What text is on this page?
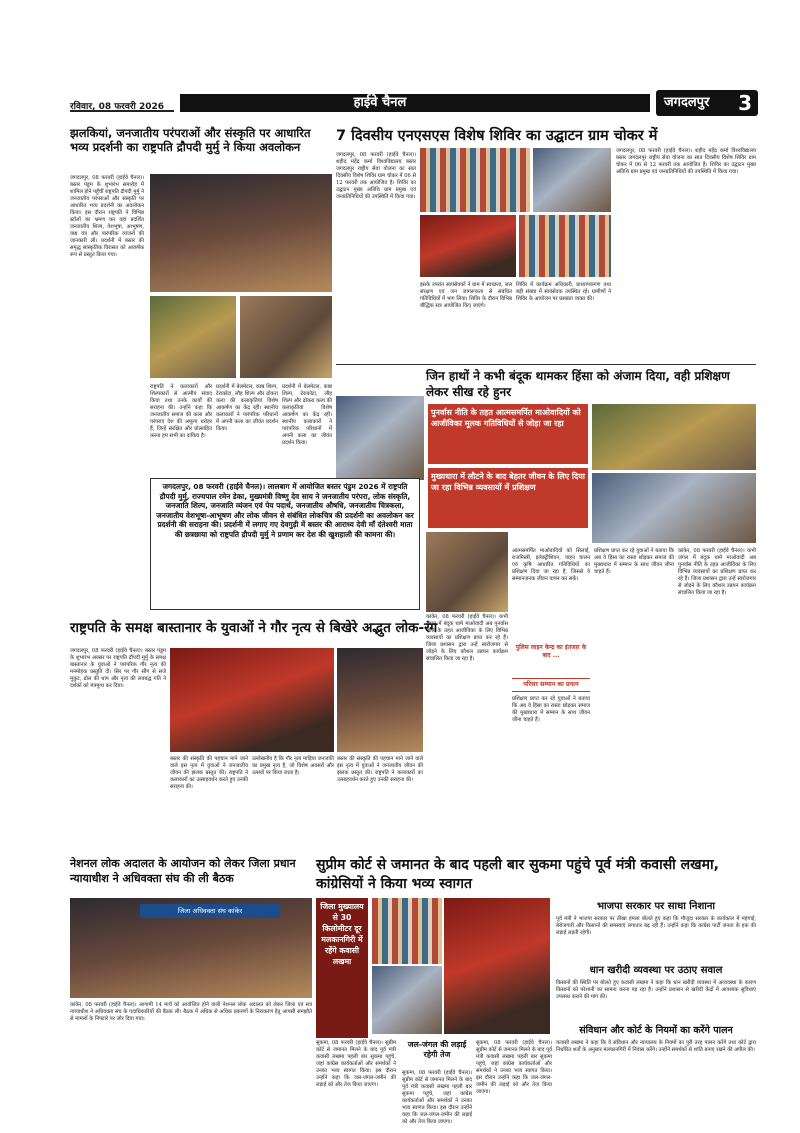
रविवार, 08 फरवरी 2026	हाईवे चैनल	जगदलपुर 3
झलकियां, जनजातीय परंपराओं और संस्कृति पर आधारित भव्य प्रदर्शनी का राष्ट्रपति द्रौपदी मुर्मु ने किया अवलोकन
जगदलपुर, 08 फरवरी (हाईवे चैनल)। बस्तर पंडुम के शुभारंभ समारोह में शामिल होने पहुँचीं राष्ट्रपति द्रौपदी मुर्मु ने जनजातीय परंपराओं और संस्कृति पर आधारित भव्य प्रदर्शनी का अवलोकन किया। इस दौरान राष्ट्रपति ने विभिन्न स्टॉलों का भ्रमण कर वहां प्रदर्शित जनजातीय शिल्प, वेशभूषा, आभूषण, वाद्य यंत्र और पारंपरिक व्यंजनों की जानकारी ली। प्रदर्शनी में बस्तर की समृद्ध सांस्कृतिक विरासत को आकर्षक रूप से प्रस्तुत किया गया।
राष्ट्रपति ने कलाकारों और शिल्पकारों से आत्मीय संवाद किया तथा उनके कार्यों की सराहना की। उन्होंने कहा कि जनजातीय समाज की कला और परंपराएं देश की अमूल्य धरोहर हैं, जिन्हें संरक्षित और प्रोत्साहित करना हम सभी का दायित्व है।
प्रदर्शनी में बेलमेटल, काष्ठ शिल्प, टेराकोटा, लौह शिल्प और ढोकरा कला की कलाकृतियां विशेष आकर्षण का केंद्र रहीं। स्थानीय कलाकारों ने पारंपरिक परिधानों में अपनी कला का जीवंत प्रदर्शन किया।
प्रदर्शनी में बेलमेटल, काष्ठ शिल्प, टेराकोटा, लौह शिल्प और ढोकरा कला की कलाकृतियां विशेष आकर्षण का केंद्र रहीं। स्थानीय कलाकारों ने पारंपरिक परिधानों में अपनी कला का जीवंत प्रदर्शन किया।
7 दिवसीय एनएसएस विशेष शिविर का उद्घाटन ग्राम चोकर में
जगदलपुर, 08 फरवरी (हाईवे चैनल)। शहीद महेंद्र कर्मा विश्वविद्यालय बस्तर जगदलपुर राष्ट्रीय सेवा योजना का सात दिवसीय विशेष शिविर ग्राम चोकर में 06 से 12 फरवरी तक आयोजित है। शिविर का उद्घाटन मुख्य अतिथि ग्राम प्रमुख एवं जनप्रतिनिधियों की उपस्थिति में किया गया।
इसके उपरांत स्वयंसेवकों ने ग्राम में स्वच्छता, जल संरक्षण एवं जन जागरूकता से संबंधित गतिविधियों में भाग लिया। शिविर के दौरान विभिन्न बौद्धिक सत्र आयोजित किए जाएंगे।
शिविर में कार्यक्रम अधिकारी, प्राध्यापकगण तथा बड़ी संख्या में स्वयंसेवक उपस्थित रहे। ग्रामीणों ने शिविर के आयोजन पर प्रसन्नता व्यक्त की।
जगदलपुर, 08 फरवरी (हाईवे चैनल)। शहीद महेंद्र कर्मा विश्वविद्यालय बस्तर जगदलपुर राष्ट्रीय सेवा योजना का सात दिवसीय विशेष शिविर ग्राम चोकर में 06 से 12 फरवरी तक आयोजित है। शिविर का उद्घाटन मुख्य अतिथि ग्राम प्रमुख एवं जनप्रतिनिधियों की उपस्थिति में किया गया।
जगदलपुर, 08 फरवरी (हाईवे चैनल)। लालबाग में आयोजित बस्तर पंडुम 2026 में राष्ट्रपति द्रौपदी मुर्मु, राज्यपाल रमेन डेका, मुख्यमंत्री विष्णु देव साय ने जनजातीय परंपरा, लोक संस्कृति, जनजाति शिल्प, जनजाति व्यंजन एवं पेय पदार्थ, जनजातीय औषधि, जनजातीय चित्रकला, जनजातीय वेशभूषा-आभूषण और लोक जीवन से संबंधित लोकचित्र की प्रदर्शनी का अवलोकन कर प्रदर्शनी की सराहना की। प्रदर्शनी में लगाए गए देवगुड़ी में बस्तर की आराध्य देवी माँ दंतेश्वरी माता की छत्रछाया को राष्ट्रपति द्रौपदी मुर्मु ने प्रणाम कर देश की खुशहाली की कामना की।
जिन हाथों ने कभी बंदूक थामकर हिंसा को अंजाम दिया, वही प्रशिक्षण लेकर सीख रहे हुनर
पुनर्वास नीति के तहत आत्मसमर्पित माओवादियों को आजीविका मूलक गतिविधियों से जोड़ा जा रहा
मुख्यधारा में लौटने के बाद बेहतर जीवन के लिए दिया जा रहा विभिन्न व्यवसायों में प्रशिक्षण
कांकेर, 08 फरवरी (हाईवे चैनल)। कभी जंगल में बंदूक थामे माओवादी अब पुनर्वास नीति के तहत आजीविका के लिए विभिन्न व्यवसायों का प्रशिक्षण प्राप्त कर रहे हैं। जिला प्रशासन द्वारा उन्हें स्वरोजगार से जोड़ने के लिए कौशल उन्नयन कार्यक्रम संचालित किया जा रहा है।
आत्मसमर्पित माओवादियों को सिलाई, राजमिस्त्री, इलेक्ट्रीशियन, वाहन चालन एवं कृषि आधारित गतिविधियों का प्रशिक्षण दिया जा रहा है, जिससे वे सम्मानजनक जीवन यापन कर सकें।
पुलिस लाइन केन्द्र का इंतजार के बाद ...
परिसर सम्मान का प्रयत्न
प्रशिक्षण प्राप्त कर रहे युवाओं ने बताया कि अब वे हिंसा का रास्ता छोड़कर समाज की मुख्यधारा में सम्मान के साथ जीवन जीना चाहते हैं।
प्रशिक्षण प्राप्त कर रहे युवाओं ने बताया कि अब वे हिंसा का रास्ता छोड़कर समाज की मुख्यधारा में सम्मान के साथ जीवन जीना चाहते हैं।
कांकेर, 08 फरवरी (हाईवे चैनल)। कभी जंगल में बंदूक थामे माओवादी अब पुनर्वास नीति के तहत आजीविका के लिए विभिन्न व्यवसायों का प्रशिक्षण प्राप्त कर रहे हैं। जिला प्रशासन द्वारा उन्हें स्वरोजगार से जोड़ने के लिए कौशल उन्नयन कार्यक्रम संचालित किया जा रहा है।
राष्ट्रपति के समक्ष बास्तानार के युवाओं ने गौर नृत्य से बिखेरे अद्भुत लोक-रंग
जगदलपुर, 08 फरवरी (हाईवे चैनल)। बस्तर पंडुम के शुभारंभ अवसर पर राष्ट्रपति द्रौपदी मुर्मु के समक्ष बास्तानार के युवाओं ने पारंपरिक गौर नृत्य की मनमोहक प्रस्तुति दी। सिर पर गौर सींग से सजे मुकुट, ढोल की थाप और नृत्य की लयबद्ध गति ने दर्शकों को मंत्रमुग्ध कर दिया।
बस्तर की संस्कृति की पहचान माने जाने वाले इस नृत्य में युवाओं ने जनजातीय जीवन की झलक प्रस्तुत की। राष्ट्रपति ने कलाकारों का उत्साहवर्धन करते हुए उनकी सराहना की।
उल्लेखनीय है कि गौर नृत्य माड़िया जनजाति का प्रमुख नृत्य है, जो विशेष अवसरों और उत्सवों पर किया जाता है।
बस्तर की संस्कृति की पहचान माने जाने वाले इस नृत्य में युवाओं ने जनजातीय जीवन की झलक प्रस्तुत की। राष्ट्रपति ने कलाकारों का उत्साहवर्धन करते हुए उनकी सराहना की।
नेशनल लोक अदालत के आयोजन को लेकर जिला प्रधान न्यायाधीश ने अधिवक्ता संघ की ली बैठक
जिला अधिवक्ता संघ कांकेर
कांकेर, 08 फरवरी (हाईवे चैनल)। आगामी 14 मार्च को आयोजित होने वाली नेशनल लोक अदालत को लेकर जिला एवं सत्र न्यायाधीश ने अधिवक्ता संघ के पदाधिकारियों की बैठक ली। बैठक में अधिक से अधिक प्रकरणों के निराकरण हेतु आपसी समझौते से मामलों के निपटारे पर जोर दिया गया।
सुप्रीम कोर्ट से जमानत के बाद पहली बार सुकमा पहुंचे पूर्व मंत्री कवासी लखमा, कांग्रेसियों ने किया भव्य स्वागत
जिला मुख्यालय से 30 किलोमीटर दूर मलकानगिरी में रहेंगे कवासी लखमा
सुकमा, 08 फरवरी (हाईवे चैनल)। सुप्रीम कोर्ट से जमानत मिलने के बाद पूर्व मंत्री कवासी लखमा पहली बार सुकमा पहुंचे, जहां कांग्रेस कार्यकर्ताओं और समर्थकों ने उनका भव्य स्वागत किया। इस दौरान उन्होंने कहा कि जल-जंगल-जमीन की लड़ाई को और तेज किया जाएगा।
जल-जंगल की लड़ाई रहेगी तेज
सुकमा, 08 फरवरी (हाईवे चैनल)। सुप्रीम कोर्ट से जमानत मिलने के बाद पूर्व मंत्री कवासी लखमा पहली बार सुकमा पहुंचे, जहां कांग्रेस कार्यकर्ताओं और समर्थकों ने उनका भव्य स्वागत किया। इस दौरान उन्होंने कहा कि जल-जंगल-जमीन की लड़ाई को और तेज किया जाएगा।
सुकमा, 08 फरवरी (हाईवे चैनल)। सुप्रीम कोर्ट से जमानत मिलने के बाद पूर्व मंत्री कवासी लखमा पहली बार सुकमा पहुंचे, जहां कांग्रेस कार्यकर्ताओं और समर्थकों ने उनका भव्य स्वागत किया। इस दौरान उन्होंने कहा कि जल-जंगल-जमीन की लड़ाई को और तेज किया जाएगा।
भाजपा सरकार पर साधा निशाना
पूर्व मंत्री ने भाजपा सरकार पर तीखा हमला बोलते हुए कहा कि मौजूदा सरकार के कार्यकाल में महंगाई, बेरोजगारी और किसानों की समस्याएं लगातार बढ़ रही हैं। उन्होंने कहा कि कांग्रेस पार्टी जनता के हक की लड़ाई लड़ती रहेगी।
धान खरीदी व्यवस्था पर उठाए सवाल
किसानों की स्थिति पर बोलते हुए कवासी लखमा ने कहा कि धान खरीदी व्यवस्था में अव्यवस्था के कारण किसानों को परेशानी का सामना करना पड़ रहा है। उन्होंने प्रशासन से खरीदी केंद्रों में आवश्यक सुविधाएं उपलब्ध कराने की मांग की।
संविधान और कोर्ट के नियमों का करेंगे पालन
कवासी लखमा ने कहा कि वे संविधान और न्यायालय के नियमों का पूरी तरह पालन करेंगे तथा कोर्ट द्वारा निर्धारित शर्तों के अनुसार मलकानगिरी में निवास करेंगे। उन्होंने समर्थकों से शांति बनाए रखने की अपील की।
